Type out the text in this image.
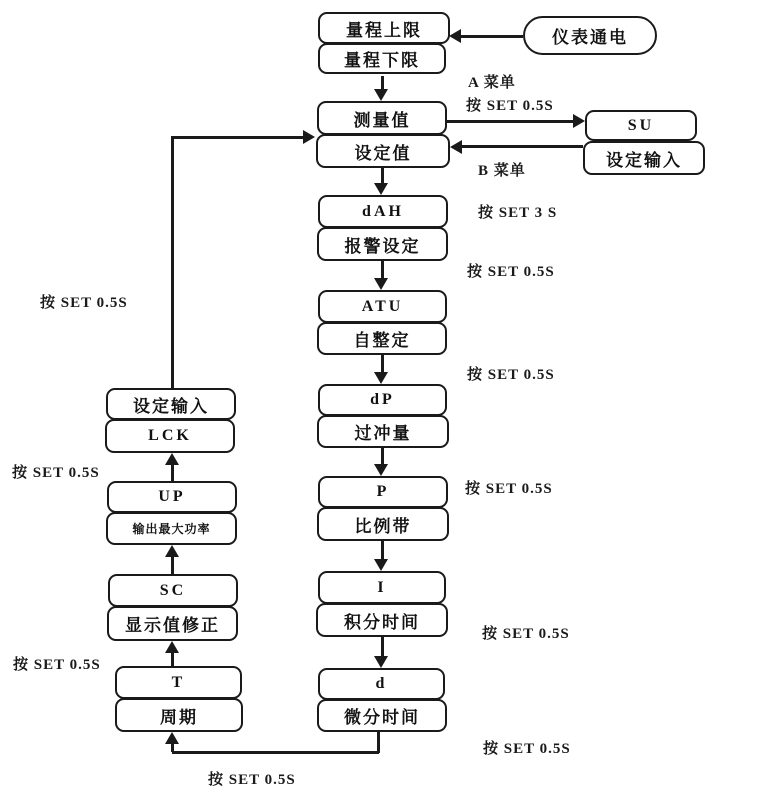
量程上限
量程下限
测量值
设定值
dAH
报警设定
ATU
自整定
dP
过冲量
P
比例带
I
积分时间
d
微分时间
设定输入
LCK
UP
输出最大功率
SC
显示值修正
T
周期
SU
设定输入
仪表通电
A 菜单
按 SET 0.5S
B 菜单
按 SET 3 S
按 SET 0.5S
按 SET 0.5S
按 SET 0.5S
按 SET 0.5S
按 SET 0.5S
按 SET 0.5S
按 SET 0.5S
按 SET 0.5S
按 SET 0.5S
